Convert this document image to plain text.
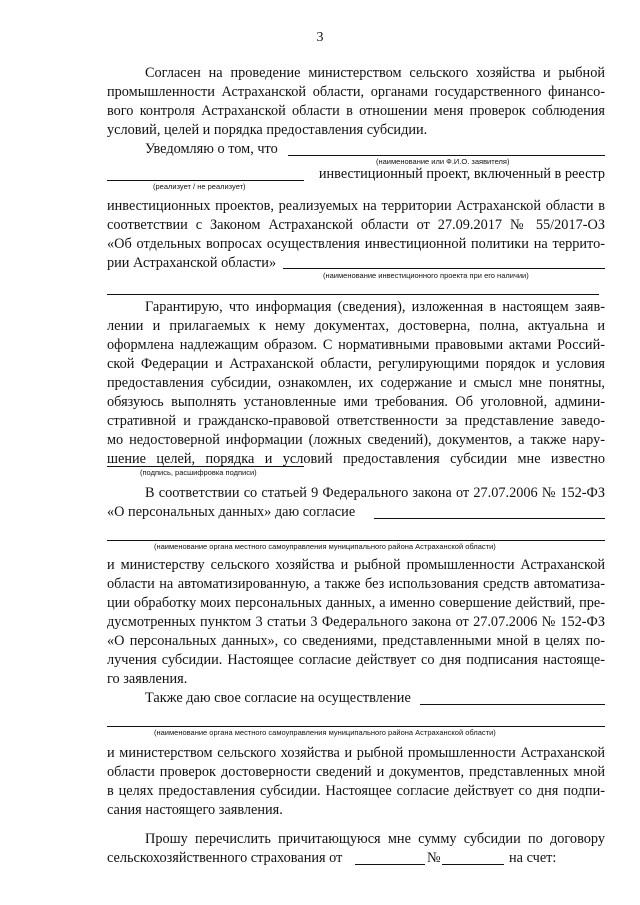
3
Согласен на проведение министерством сельского хозяйства и рыбной
промышленности Астраханской области, органами государственного финансо-
вого контроля Астраханской области в отношении меня проверок соблюдения
условий, целей и порядка предоставления субсидии.
Уведомляю о том, что
(наименование или Ф.И.О. заявителя)
инвестиционный проект, включенный в реестр
(реализует / не реализует)
инвестиционных проектов, реализуемых на территории Астраханской области в
соответствии с Законом Астраханской области от 27.09.2017 № 55/2017-ОЗ
«Об отдельных вопросах осуществления инвестиционной политики на террито-
рии Астраханской области»
(наименование инвестиционного проекта при его наличии)
Гарантирую, что информация (сведения), изложенная в настоящем заяв-
лении и прилагаемых к нему документах, достоверна, полна, актуальна и
оформлена надлежащим образом. С нормативными правовыми актами Россий-
ской Федерации и Астраханской области, регулирующими порядок и условия
предоставления субсидии, ознакомлен, их содержание и смысл мне понятны,
обязуюсь выполнять установленные ими требования. Об уголовной, админи-
стративной и гражданско-правовой ответственности за представление заведо-
мо недостоверной информации (ложных сведений), документов, а также нару-
шение целей, порядка и условий предоставления субсидии мне известно
(подпись, расшифровка подписи)
В соответствии со статьей 9 Федерального закона от 27.07.2006 № 152-ФЗ
«О персональных данных» даю согласие
(наименование органа местного самоуправления муниципального района Астраханской области)
и министерству сельского хозяйства и рыбной промышленности Астраханской
области на автоматизированную, а также без использования средств автоматиза-
ции обработку моих персональных данных, а именно совершение действий, пре-
дусмотренных пунктом 3 статьи 3 Федерального закона от 27.07.2006 № 152-ФЗ
«О персональных данных», со сведениями, представленными мной в целях по-
лучения субсидии. Настоящее согласие действует со дня подписания настояще-
го заявления.
Также даю свое согласие на осуществление
(наименование органа местного самоуправления муниципального района Астраханской области)
и министерством сельского хозяйства и рыбной промышленности Астраханской
области проверок достоверности сведений и документов, представленных мной
в целях предоставления субсидии. Настоящее согласие действует со дня подпи-
сания настоящего заявления.
Прошу перечислить причитающуюся мне сумму субсидии по договору
сельскохозяйственного страхования от	№	на счет:
